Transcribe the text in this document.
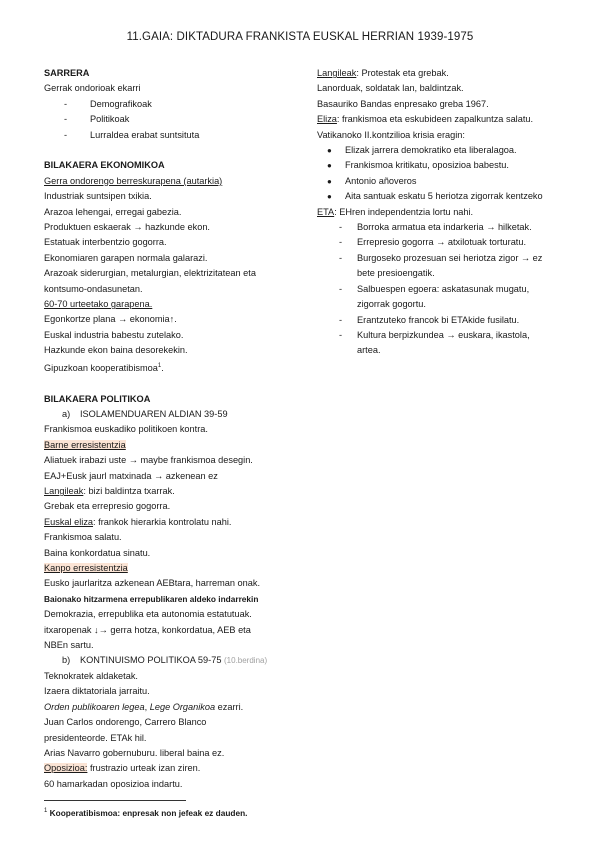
11.GAIA: DIKTADURA FRANKISTA EUSKAL HERRIAN 1939-1975
SARRERA
Gerrak ondorioak ekarri
- Demografikoak
- Politikoak
- Lurraldea erabat suntsituta
BILAKAERA EKONOMIKOA
Gerra ondorengo berreskurapena (autarkia)
Industriak suntsipen txikia.
Arazoa lehengai, erregai gabezia.
Produktuen eskaerak → hazkunde ekon.
Estatuak interbentzio gogorra.
Ekonomiaren garapen normala galarazi.
Arazoak siderurgian, metalurgian, elektrizitatean eta
kontsumo-ondasunetan.
60-70 urteetako garapena.
Egonkortze plana → ekonomia↑.
Euskal industria babestu zutelako.
Hazkunde ekon baina desorekekin.
Gipuzkoan kooperatibismoa$^1$.
BILAKAERA POLITIKOA
a) ISOLAMENDUAREN ALDIAN 39-59
Frankismoa euskadiko politikoen kontra.
Barne erresistentzia
Aliatuek irabazi uste → maybe frankismoa desegin.
EAJ+Eusk jaurl matxinada → azkenean ez
Langileak: bizi baldintza txarrak.
Grebak eta errepresio gogorra.
Euskal eliza: frankok hierarkia kontrolatu nahi.
Frankismoa salatu.
Baina konkordatua sinatu.
Kanpo erresistentzia
Eusko jaurlaritza azkenean AEBtara, harreman onak.
Baionako hitzarmena errepublikaren aldeko indarrekin
Demokrazia, errepublika eta autonomia estatutuak.
itxaropenak ↓→ gerra hotza, konkordatua, AEB eta
NBEn sartu.
b) KONTINUISMO POLITIKOA 59-75 (10.berdina)
Teknokratek aldaketak.
Izaera diktatoriala jarraitu.
Orden publikoaren legea, Lege Organikoa ezarri.
Juan Carlos ondorengo, Carrero Blanco
presidenteorde. ETAk hil.
Arias Navarro gobernuburu. liberal baina ez.
Oposizioa: frustrazio urteak izan ziren.
60 hamarkadan oposizioa indartu.
Langileak: Protestak eta grebak.
Lanorduak, soldatak lan, baldintzak.
Basauriko Bandas enpresako greba 1967.
Eliza: frankismoa eta eskubideen zapalkuntza salatu.
Vatikanoko II.kontzilioa krisia eragin:
● Elizak jarrera demokratiko eta liberalagoa.
● Frankismoa kritikatu, oposizioa babestu.
● Antonio añoveros
● Aita santuak eskatu 5 heriotza zigorrak kentzeko
ETA: EHren independentzia lortu nahi.
- Borroka armatua eta indarkeria → hilketak.
- Errepresio gogorra → atxilotuak torturatu.
- Burgoseko prozesuan sei heriotza zigor → ez bete presioengatik.
- Salbuespen egoera: askatasunak mugatu, zigorrak gogortu.
- Erantzuteko francok bi ETAkide fusilatu.
- Kultura berpizkundea → euskara, ikastola, artea.
$^1$ Kooperatibismoa: enpresak non jefeak ez dauden.
